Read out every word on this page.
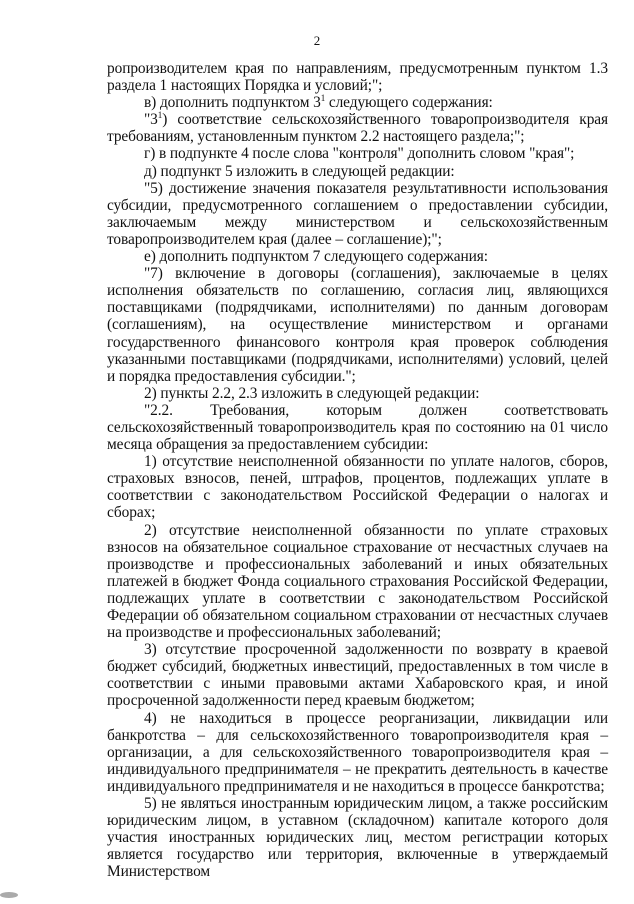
2

ропроизводителем края по направлениям, предусмотренным пунктом 1.3 раздела 1 настоящих Порядка и условий;";

в) дополнить подпунктом $3^1$ следующего содержания:

"$3^1$) соответствие сельскохозяйственного товаропроизводителя края требованиям, установленным пунктом 2.2 настоящего раздела;";

г) в подпункте 4 после слова "контроля" дополнить словом "края";

д) подпункт 5 изложить в следующей редакции:

"5) достижение значения показателя результативности использования субсидии, предусмотренного соглашением о предоставлении субсидии, заключаемым между министерством и сельскохозяйственным товаропроизводителем края (далее – соглашение);";

е) дополнить подпунктом 7 следующего содержания:

"7) включение в договоры (соглашения), заключаемые в целях исполнения обязательств по соглашению, согласия лиц, являющихся поставщиками (подрядчиками, исполнителями) по данным договорам (соглашениям), на осуществление министерством и органами государственного финансового контроля края проверок соблюдения указанными поставщиками (подрядчиками, исполнителями) условий, целей и порядка предоставления субсидии.";

2) пункты 2.2, 2.3 изложить в следующей редакции:

"2.2. Требования, которым должен соответствовать сельскохозяйственный товаропроизводитель края по состоянию на 01 число месяца обращения за предоставлением субсидии:

1) отсутствие неисполненной обязанности по уплате налогов, сборов, страховых взносов, пеней, штрафов, процентов, подлежащих уплате в соответствии с законодательством Российской Федерации о налогах и сборах;

2) отсутствие неисполненной обязанности по уплате страховых взносов на обязательное социальное страхование от несчастных случаев на производстве и профессиональных заболеваний и иных обязательных платежей в бюджет Фонда социального страхования Российской Федерации, подлежащих уплате в соответствии с законодательством Российской Федерации об обязательном социальном страховании от несчастных случаев на производстве и профессиональных заболеваний;

3) отсутствие просроченной задолженности по возврату в краевой бюджет субсидий, бюджетных инвестиций, предоставленных в том числе в соответствии с иными правовыми актами Хабаровского края, и иной просроченной задолженности перед краевым бюджетом;

4) не находиться в процессе реорганизации, ликвидации или банкротства – для сельскохозяйственного товаропроизводителя края – организации, а для сельскохозяйственного товаропроизводителя края – индивидуального предпринимателя – не прекратить деятельность в качестве индивидуального предпринимателя и не находиться в процессе банкротства;

5) не являться иностранным юридическим лицом, а также российским юридическим лицом, в уставном (складочном) капитале которого доля участия иностранных юридических лиц, местом регистрации которых является государство или территория, включенные в утверждаемый Министерством
